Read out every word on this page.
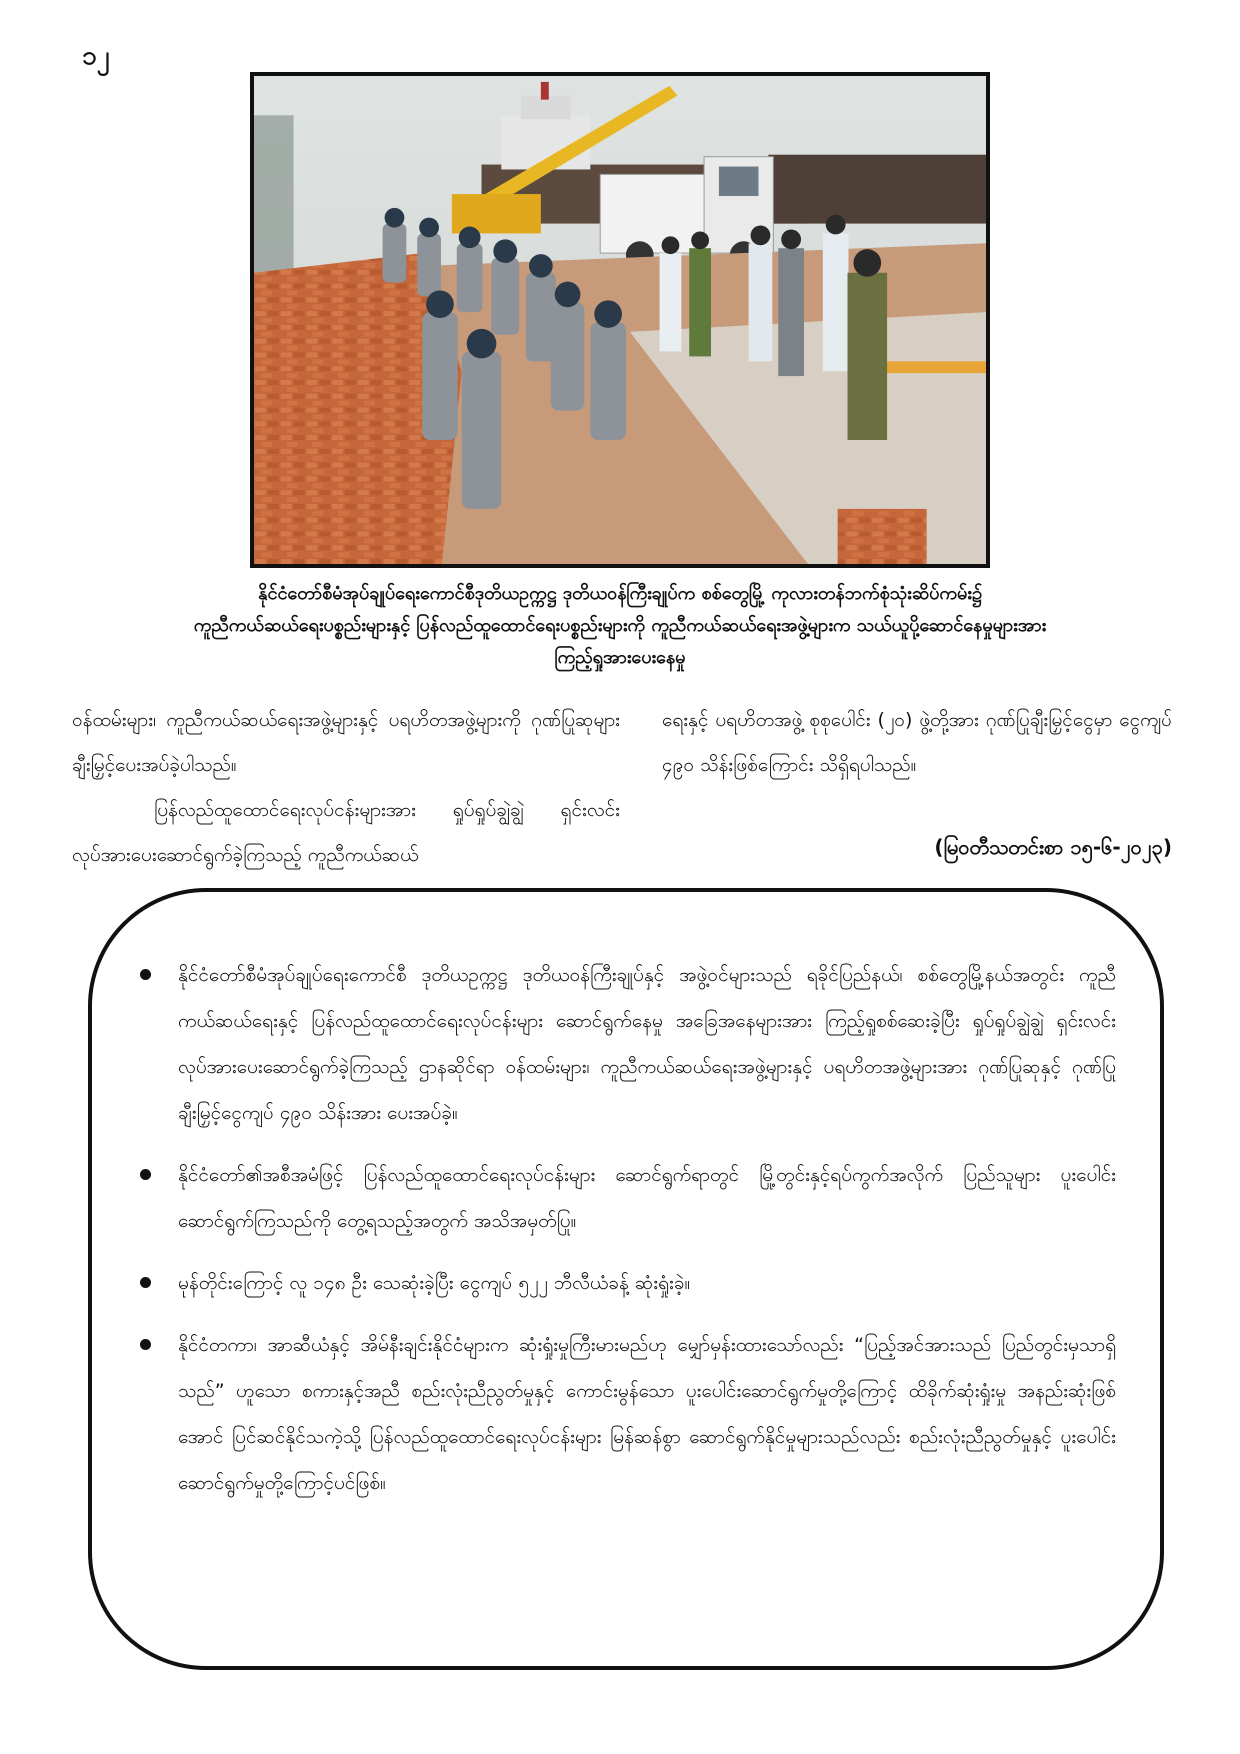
၁၂
နိုင်ငံတော်စီမံအုပ်ချုပ်ရေးကောင်စီဒုတိယဥက္ကဋ္ဌ ဒုတိယဝန်ကြီးချုပ်က စစ်တွေမြို့ ကုလားတန်ဘက်စုံသုံးဆိပ်ကမ်း၌
ကူညီကယ်ဆယ်ရေးပစ္စည်းများနှင့် ပြန်လည်ထူထောင်ရေးပစ္စည်းများကို ကူညီကယ်ဆယ်ရေးအဖွဲ့များက သယ်ယူပို့ဆောင်နေမှုများအား
ကြည့်ရှုအားပေးနေမှု

ဝန်ထမ်းများ၊ ကူညီကယ်ဆယ်ရေးအဖွဲ့များနှင့် ပရဟိတအဖွဲ့များကို ဂုဏ်ပြုဆုများ ချီးမြှင့်ပေးအပ်ခဲ့ပါသည်။

ပြန်လည်ထူထောင်ရေးလုပ်ငန်းများအား ရှုပ်ရှုပ်ချွဲချွဲ ရှင်းလင်းလုပ်အားပေးဆောင်ရွက်ခဲ့ကြသည့် ကူညီကယ်ဆယ်

ရေးနှင့် ပရဟိတအဖွဲ့ စုစုပေါင်း (၂၀) ဖွဲ့တို့အား ဂုဏ်ပြုချီးမြှင့်ငွေမှာ ငွေကျပ် ၄၉၀ သိန်းဖြစ်ကြောင်း သိရှိရပါသည်။

(မြဝတီသတင်းစာ ၁၅-၆-၂၀၂၃)
နိုင်ငံတော်စီမံအုပ်ချုပ်ရေးကောင်စီ ဒုတိယဥက္ကဋ္ဌ ဒုတိယဝန်ကြီးချုပ်နှင့် အဖွဲ့ဝင်များသည် ရခိုင်ပြည်နယ်၊ စစ်တွေမြို့နယ်အတွင်း ကူညီကယ်ဆယ်ရေးနှင့် ပြန်လည်ထူထောင်ရေးလုပ်ငန်းများ ဆောင်ရွက်နေမှု အခြေအနေများအား ကြည့်ရှုစစ်ဆေးခဲ့ပြီး ရှုပ်ရှုပ်ချွဲချွဲ ရှင်းလင်းလုပ်အားပေးဆောင်ရွက်ခဲ့ကြသည့် ဌာနဆိုင်ရာ ဝန်ထမ်းများ၊ ကူညီကယ်ဆယ်ရေးအဖွဲ့များနှင့် ပရဟိတအဖွဲ့များအား ဂုဏ်ပြုဆုနှင့် ဂုဏ်ပြုချီးမြှင့်ငွေကျပ် ၄၉၀ သိန်းအား ပေးအပ်ခဲ့။
နိုင်ငံတော်၏အစီအမံဖြင့် ပြန်လည်ထူထောင်ရေးလုပ်ငန်းများ ဆောင်ရွက်ရာတွင် မြို့တွင်းနှင့်ရပ်ကွက်အလိုက် ပြည်သူများ ပူးပေါင်းဆောင်ရွက်ကြသည်ကို တွေ့ရသည့်အတွက် အသိအမှတ်ပြု။
မုန်တိုင်းကြောင့် လူ ၁၄၈ ဦး သေဆုံးခဲ့ပြီး ငွေကျပ် ၅၂၂ ဘီလီယံခန့် ဆုံးရှုံးခဲ့။
နိုင်ငံတကာ၊ အာဆီယံနှင့် အိမ်နီးချင်းနိုင်ငံများက ဆုံးရှုံးမှုကြီးမားမည်ဟု မျှော်မှန်းထားသော်လည်း “ပြည့်အင်အားသည် ပြည်တွင်းမှသာရှိသည်” ဟူသော စကားနှင့်အညီ စည်းလုံးညီညွတ်မှုနှင့် ကောင်းမွန်သော ပူးပေါင်းဆောင်ရွက်မှုတို့ကြောင့် ထိခိုက်ဆုံးရှုံးမှု အနည်းဆုံးဖြစ်အောင် ပြင်ဆင်နိုင်သကဲ့သို့ ပြန်လည်ထူထောင်ရေးလုပ်ငန်းများ မြန်ဆန်စွာ ဆောင်ရွက်နိုင်မှုများသည်လည်း စည်းလုံးညီညွတ်မှုနှင့် ပူးပေါင်းဆောင်ရွက်မှုတို့ကြောင့်ပင်ဖြစ်။
